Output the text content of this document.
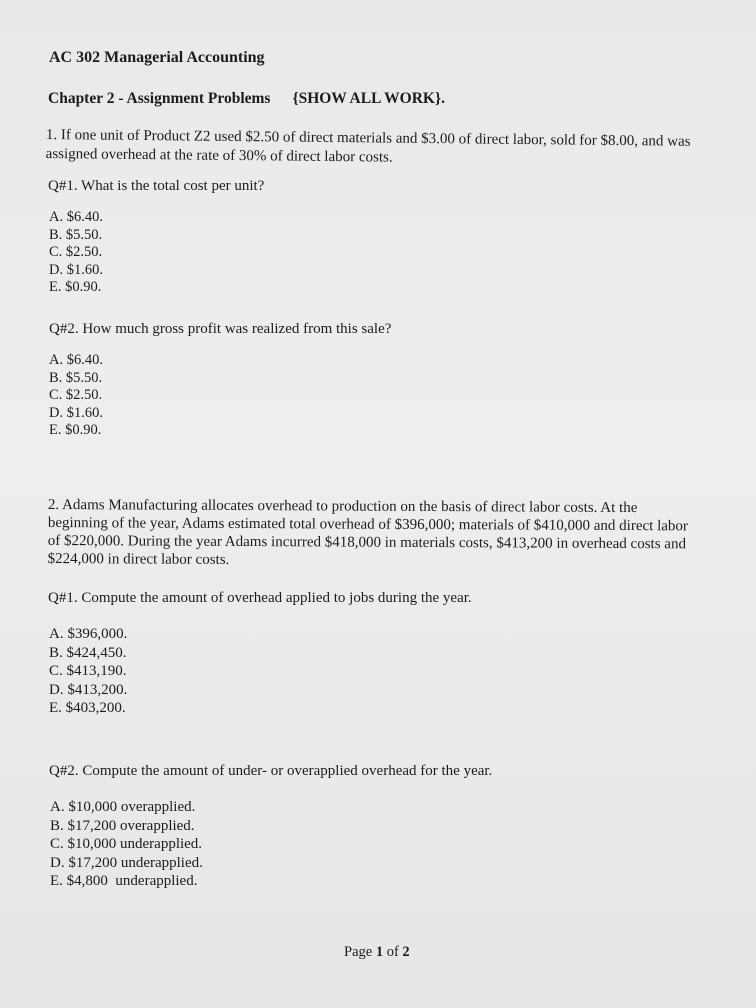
AC 302 Managerial Accounting
Chapter 2 - Assignment Problems {SHOW ALL WORK}.
1. If one unit of Product Z2 used $2.50 of direct materials and $3.00 of direct labor, sold for $8.00, and was
assigned overhead at the rate of 30% of direct labor costs.
Q#1. What is the total cost per unit?
A. $6.40.
B. $5.50.
C. $2.50.
D. $1.60.
E. $0.90.
Q#2. How much gross profit was realized from this sale?
A. $6.40.
B. $5.50.
C. $2.50.
D. $1.60.
E. $0.90.
2. Adams Manufacturing allocates overhead to production on the basis of direct labor costs. At the
beginning of the year, Adams estimated total overhead of $396,000; materials of $410,000 and direct labor
of $220,000. During the year Adams incurred $418,000 in materials costs, $413,200 in overhead costs and
$224,000 in direct labor costs.
Q#1. Compute the amount of overhead applied to jobs during the year.
A. $396,000.
B. $424,450.
C. $413,190.
D. $413,200.
E. $403,200.
Q#2. Compute the amount of under- or overapplied overhead for the year.
A. $10,000 overapplied.
B. $17,200 overapplied.
C. $10,000 underapplied.
D. $17,200 underapplied.
E. $4,800  underapplied.
Page 1 of 2
